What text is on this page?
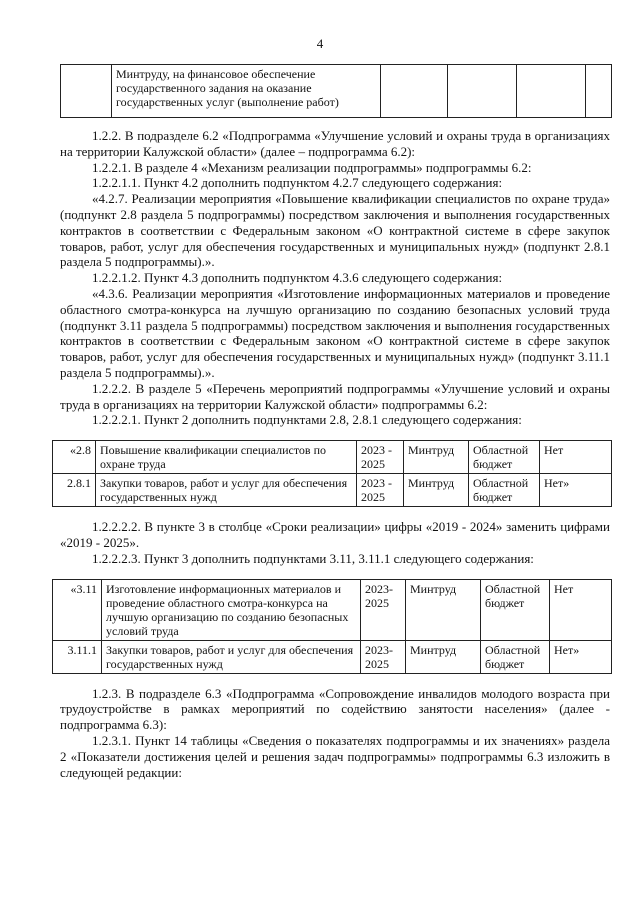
4
	Минтруду, на финансовое обеспечение государственного задания на оказание государственных услуг (выполнение работ)				

1.2.2. В подразделе 6.2 «Подпрограмма «Улучшение условий и охраны труда в организациях на территории Калужской области» (далее – подпрограмма 6.2):

1.2.2.1. В разделе 4 «Механизм реализации подпрограммы» подпрограммы 6.2:

1.2.2.1.1. Пункт 4.2 дополнить подпунктом 4.2.7 следующего содержания:

«4.2.7. Реализации мероприятия «Повышение квалификации специалистов по охране труда» (подпункт 2.8 раздела 5 подпрограммы) посредством заключения и выполнения государственных контрактов в соответствии с Федеральным законом «О контрактной системе в сфере закупок товаров, работ, услуг для обеспечения государственных и муниципальных нужд» (подпункт 2.8.1 раздела 5 подпрограммы).».

1.2.2.1.2. Пункт 4.3 дополнить подпунктом 4.3.6 следующего содержания:

«4.3.6. Реализации мероприятия «Изготовление информационных материалов и проведение областного смотра-конкурса на лучшую организацию по созданию безопасных условий труда (подпункт 3.11 раздела 5 подпрограммы) посредством заключения и выполнения государственных контрактов в соответствии с Федеральным законом «О контрактной системе в сфере закупок товаров, работ, услуг для обеспечения государственных и муниципальных нужд» (подпункт 3.11.1 раздела 5 подпрограммы).».

1.2.2.2. В разделе 5 «Перечень мероприятий подпрограммы «Улучшение условий и охраны труда в организациях на территории Калужской области» подпрограммы 6.2:

1.2.2.2.1. Пункт 2 дополнить подпунктами 2.8, 2.8.1 следующего содержания:

«2.8	Повышение квалификации специалистов по охране труда	2023 - 2025	Минтруд	Областной бюджет	Нет
2.8.1	Закупки товаров, работ и услуг для обеспечения государственных нужд	2023 - 2025	Минтруд	Областной бюджет	Нет»

1.2.2.2.2. В пункте 3 в столбце «Сроки реализации» цифры «2019 - 2024» заменить цифрами «2019 - 2025».

1.2.2.2.3. Пункт 3 дополнить подпунктами 3.11, 3.11.1 следующего содержания:

«3.11	Изготовление информационных материалов и проведение областного смотра-конкурса на лучшую организацию по созданию безопасных условий труда	2023-2025	Минтруд	Областной бюджет	Нет
3.11.1	Закупки товаров, работ и услуг для обеспечения государственных нужд	2023-2025	Минтруд	Областной бюджет	Нет»

1.2.3. В подразделе 6.3 «Подпрограмма «Сопровождение инвалидов молодого возраста при трудоустройстве в рамках мероприятий по содействию занятости населения» (далее - подпрограмма 6.3):

1.2.3.1. Пункт 14 таблицы «Сведения о показателях подпрограммы и их значениях» раздела 2 «Показатели достижения целей и решения задач подпрограммы» подпрограммы 6.3 изложить в следующей редакции:
